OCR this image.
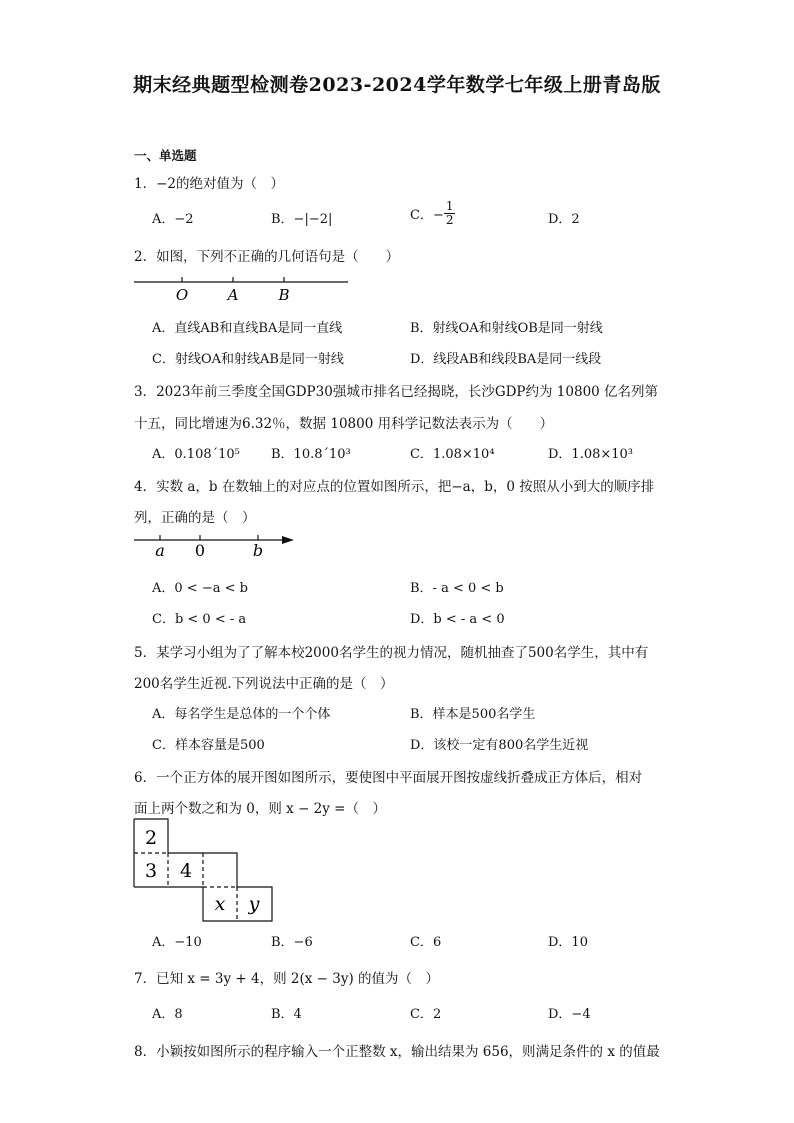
期末经典题型检测卷2023-2024学年数学七年级上册青岛版
一、单选题
1．−2的绝对值为（　）
A．−2	B．−|−2|	C．− $\frac{1}{2}$	D．2
2．如图，下列不正确的几何语句是（　　）
O	A	B
A．直线AB和直线BA是同一直线	B．射线OA和射线OB是同一射线
C．射线OA和射线AB是同一射线	D．线段AB和线段BA是同一线段
3．2023年前三季度全国GDP30强城市排名已经揭晓，长沙GDP约为 10800 亿名列第
十五，同比增速为6.32％，数据 10800 用科学记数法表示为（　　）
A．0.108´10⁵ B．10.8´10³	C．1.08×10⁴	D．1.08×10³
4．实数 a，b 在数轴上的对应点的位置如图所示，把−a，b，0 按照从小到大的顺序排
列，正确的是（　）
a 0	b
A．0 < −a < b	B．- a < 0 < b
C．b < 0 < - a	D．b < - a < 0
5．某学习小组为了了解本校2000名学生的视力情况，随机抽查了500名学生，其中有
200名学生近视.下列说法中正确的是（　）
A．每名学生是总体的一个个体	B．样本是500名学生
C．样本容量是500	D．该校一定有800名学生近视
6．一个正方体的展开图如图所示，要使图中平面展开图按虚线折叠成正方体后，相对
面上两个数之和为 0，则 x − 2y =（　）
2
3 4
x y
A．−10	B．−6	C．6	D．10
7．已知 x = 3y + 4，则 2(x − 3y) 的值为（　）
A．8	B．4	C．2	D．−4
8．小颖按如图所示的程序输入一个正整数 x，输出结果为 656，则满足条件的 x 的值最
